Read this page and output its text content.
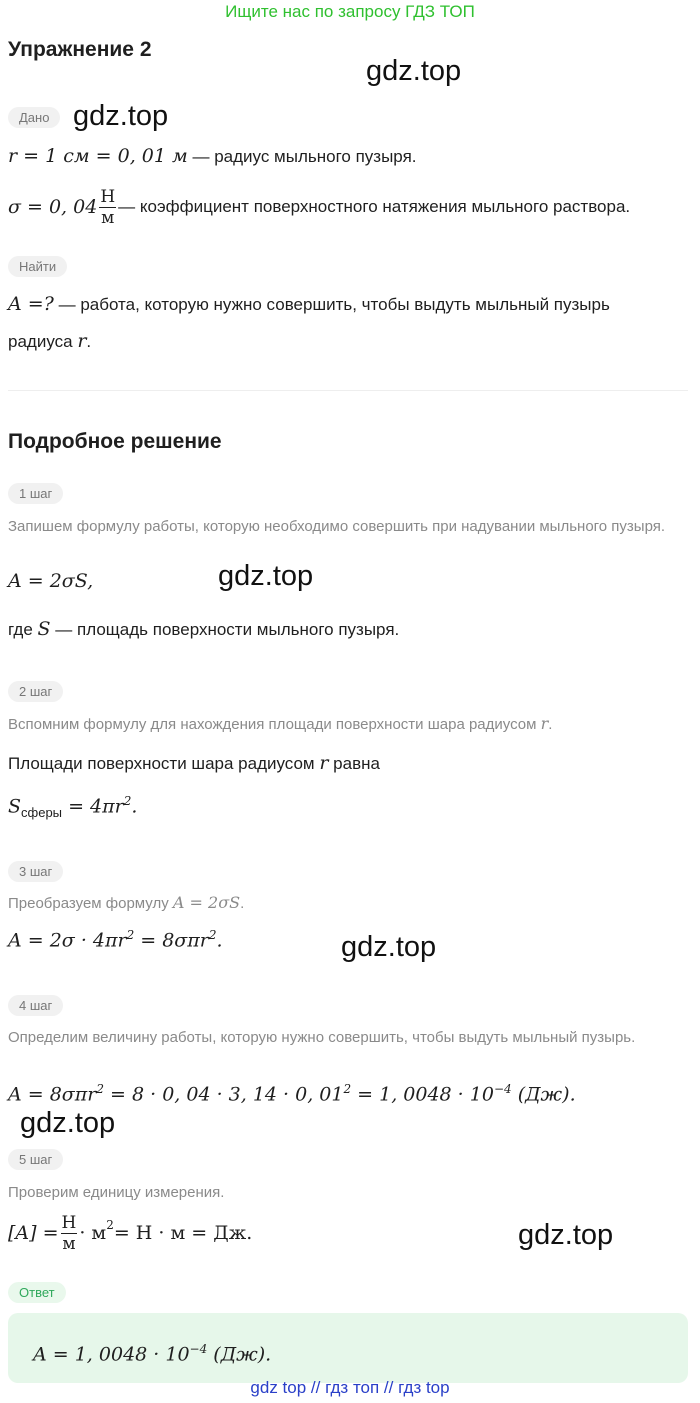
Ищите нас по запросу ГДЗ ТОП
Упражнение 2
gdz.top
Дано gdz.top
r = 1 см = 0, 01 м — радиус мыльного пузыря.
σ = 0, $04 \frac{Н}{м}$ — коэффициент поверхностного натяжения мыльного раствора.
Найти
A =? — работа, которую нужно совершить, чтобы выдуть мыльный пузырь
радиуса r.
Подробное решение
1 шаг
Запишем формулу работы, которую необходимо совершить при надувании мыльного пузыря.
A = 2σS,	gdz.top
где S — площадь поверхности мыльного пузыря.
2 шаг
Вспомним формулу для нахождения площади поверхности шара радиусом r.
Площади поверхности шара радиусом r равна
$S_{сферы} = 4\pi r^2$.
3 шаг
Преобразуем формулу A = 2σS.
$A = 2\sigma \cdot 4\pi r^2 = 8\sigma\pi r^2$.	gdz.top
4 шаг
Определим величину работы, которую нужно совершить, чтобы выдуть мыльный пузырь.
A = 8σπr$^2$ = 8 · 0, 04 · 3, 14 · 0, $01^2 = 1$, $0048 \cdot 10^{-4}$ (Дж).
gdz.top
5 шаг
Проверим единицу измерения.
$[A] = \frac{Н}{м} \cdot м^2 = Н \cdot м$ = Дж.	gdz.top
Ответ
A = 1, $0048 \cdot 10^{-4}$ (Дж).
gdz top // гдз топ // гдз top
